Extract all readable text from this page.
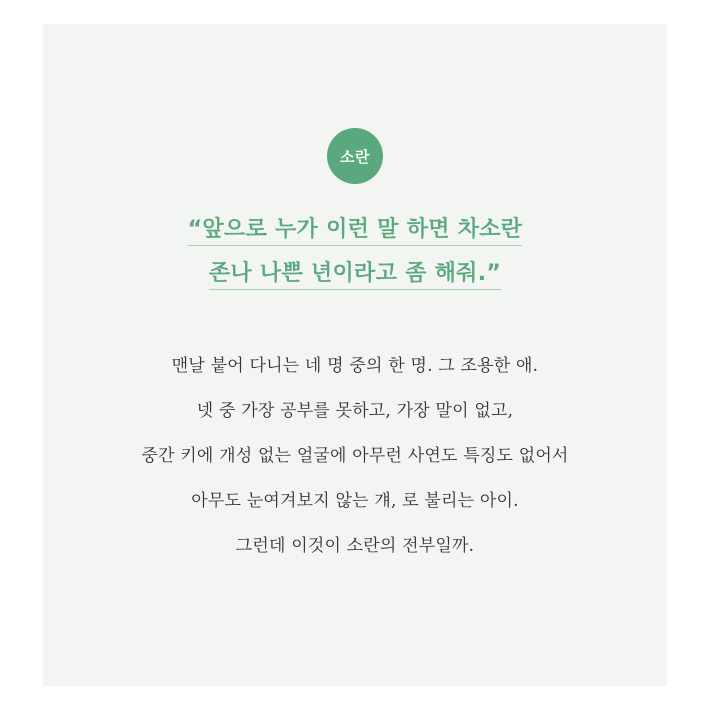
소란
“앞으로 누가 이런 말 하면 차소란
존나 나쁜 년이라고 좀 해줘.”
맨날 붙어 다니는 네 명 중의 한 명. 그 조용한 애.
넷 중 가장 공부를 못하고, 가장 말이 없고,
중간 키에 개성 없는 얼굴에 아무런 사연도 특징도 없어서
아무도 눈여겨보지 않는 걔, 로 불리는 아이.
그런데 이것이 소란의 전부일까.
